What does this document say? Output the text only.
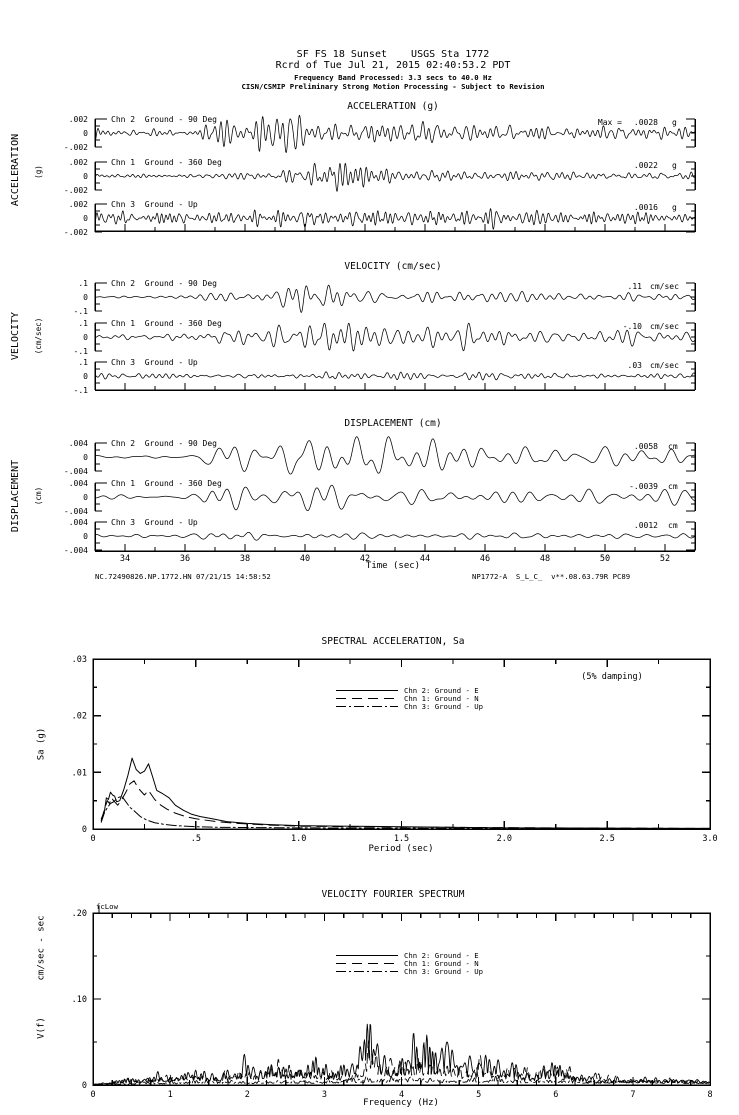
.002
0
-.002
.002
0
-.002
.002
0
-.002
.1
0
-.1
.1
0
-.1
.1
0
-.1
34	36	38	40	42	44	46	48	50	52
.004
0
-.004
.004
0
-.004
.004
0
-.004
0	.5	1.0	1.5	2.0	2.5	3.0
0
.01
.02
.03
0	1	2	3	4	5	6	7	8
0
.10
.20
SF FS 18 Sunset    USGS Sta 1772
Rcrd of Tue Jul 21, 2015 02:40:53.2 PDT
Frequency Band Processed: 3.3 secs to 40.0 Hz
CISN/CSMIP Preliminary Strong Motion Processing - Subject to Revision
ACCELERATION (g)
ACCELERATION (g)
Chn 2  Ground - 90 Deg
Chn 1  Ground - 360 Deg
Chn 3  Ground - Up
Max = .0028 g
.0022 g
.0016 g
VELOCITY (cm/sec)
VELOCITY (cm/sec)
Chn 2  Ground - 90 Deg
Chn 1  Ground - 360 Deg
Chn 3  Ground - Up
.11 cm/sec
-.10 cm/sec
.03 cm/sec
DISPLACEMENT (cm)
DISPLACEMENT (cm)
Chn 2  Ground - 90 Deg
Chn 1  Ground - 360 Deg
Chn 3  Ground - Up
.0058 cm
-.0039 cm
.0012 cm
Time (sec)
NC.72490826.NP.1772.HN 07/21/15 14:58:52	NP1772-A  S_L_C_  v**.08.63.79R PC89
SPECTRAL ACCELERATION, Sa
(5% damping)
Sa (g)
Period (sec)
Chn 2: Ground - E
Chn 1: Ground - N
Chn 3: Ground - Up
VELOCITY FOURIER SPECTRUM
fcLow
cm/sec - sec
V(f)
Frequency (Hz)
Chn 2: Ground - E
Chn 1: Ground - N
Chn 3: Ground - Up
